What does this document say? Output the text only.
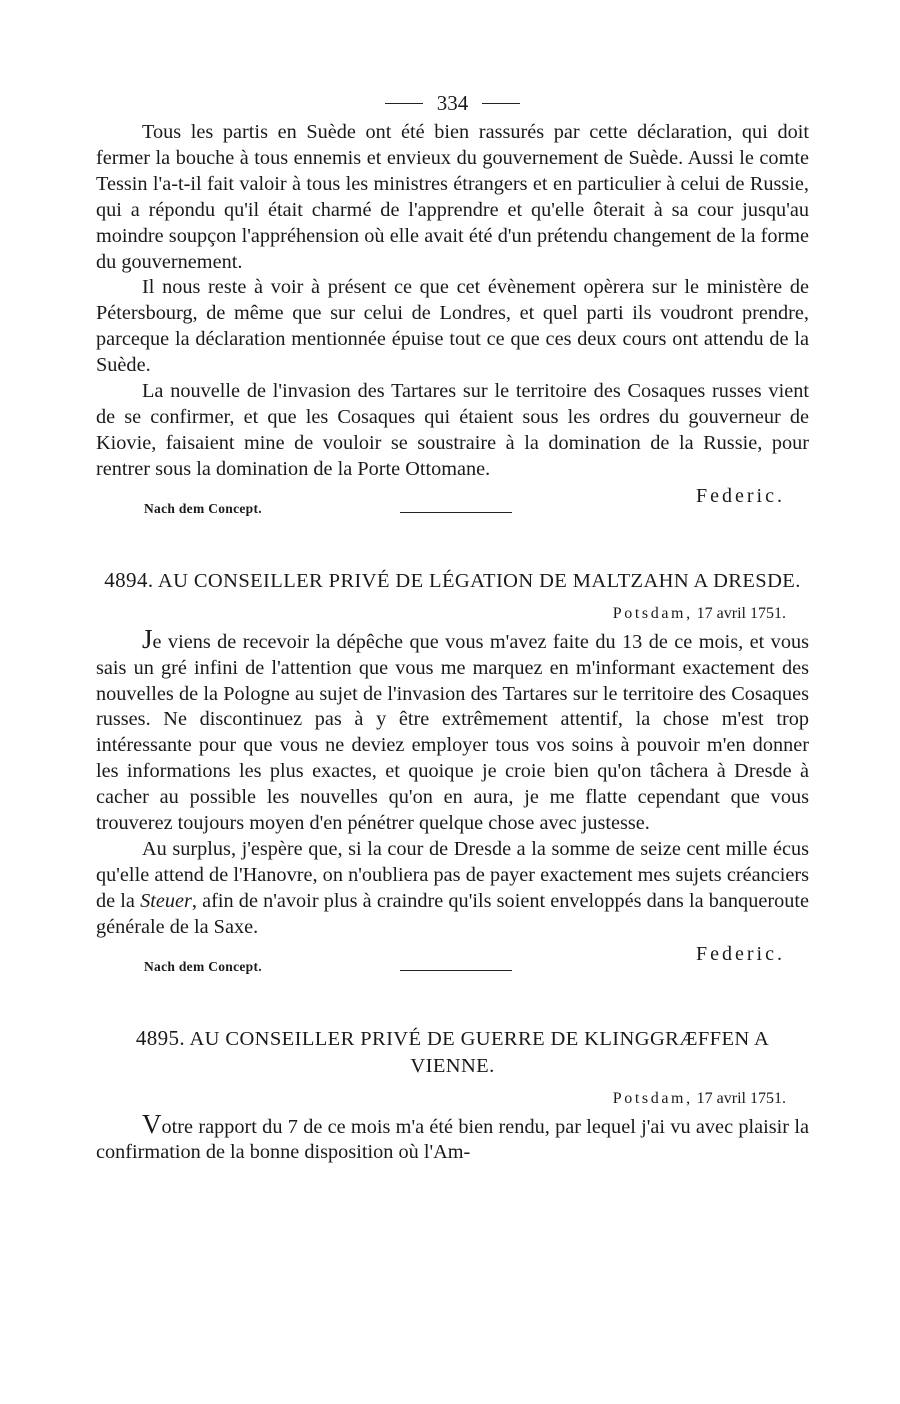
334

Tous les partis en Suède ont été bien rassurés par cette déclaration, qui doit fermer la bouche à tous ennemis et envieux du gouvernement de Suède. Aussi le comte Tessin l'a-t-il fait valoir à tous les ministres étrangers et en particulier à celui de Russie, qui a répondu qu'il était charmé de l'apprendre et qu'elle ôterait à sa cour jusqu'au moindre soupçon l'appréhension où elle avait été d'un prétendu changement de la forme du gouvernement.

Il nous reste à voir à présent ce que cet évènement opèrera sur le ministère de Pétersbourg, de même que sur celui de Londres, et quel parti ils voudront prendre, parceque la déclaration mentionnée épuise tout ce que ces deux cours ont attendu de la Suède.

La nouvelle de l'invasion des Tartares sur le territoire des Cosaques russes vient de se confirmer, et que les Cosaques qui étaient sous les ordres du gouverneur de Kiovie, faisaient mine de vouloir se soustraire à la domination de la Russie, pour rentrer sous la domination de la Porte Ottomane.

Nach dem Concept.
Federic.
4894. AU CONSEILLER PRIVÉ DE LÉGATION DE MALTZAHN A DRESDE.
Potsdam, 17 avril 1751.

Je viens de recevoir la dépêche que vous m'avez faite du 13 de ce mois, et vous sais un gré infini de l'attention que vous me marquez en m'informant exactement des nouvelles de la Pologne au sujet de l'invasion des Tartares sur le territoire des Cosaques russes. Ne discontinuez pas à y être extrêmement attentif, la chose m'est trop intéressante pour que vous ne deviez employer tous vos soins à pouvoir m'en donner les informations les plus exactes, et quoique je croie bien qu'on tâchera à Dresde à cacher au possible les nouvelles qu'on en aura, je me flatte cependant que vous trouverez toujours moyen d'en pénétrer quelque chose avec justesse.

Au surplus, j'espère que, si la cour de Dresde a la somme de seize cent mille écus qu'elle attend de l'Hanovre, on n'oubliera pas de payer exactement mes sujets créanciers de la Steuer, afin de n'avoir plus à craindre qu'ils soient enveloppés dans la banqueroute générale de la Saxe.

Nach dem Concept.
Federic.
4895. AU CONSEILLER PRIVÉ DE GUERRE DE KLINGGRÆFFEN A VIENNE.
Potsdam, 17 avril 1751.

Votre rapport du 7 de ce mois m'a été bien rendu, par lequel j'ai vu avec plaisir la confirmation de la bonne disposition où l'Am-
